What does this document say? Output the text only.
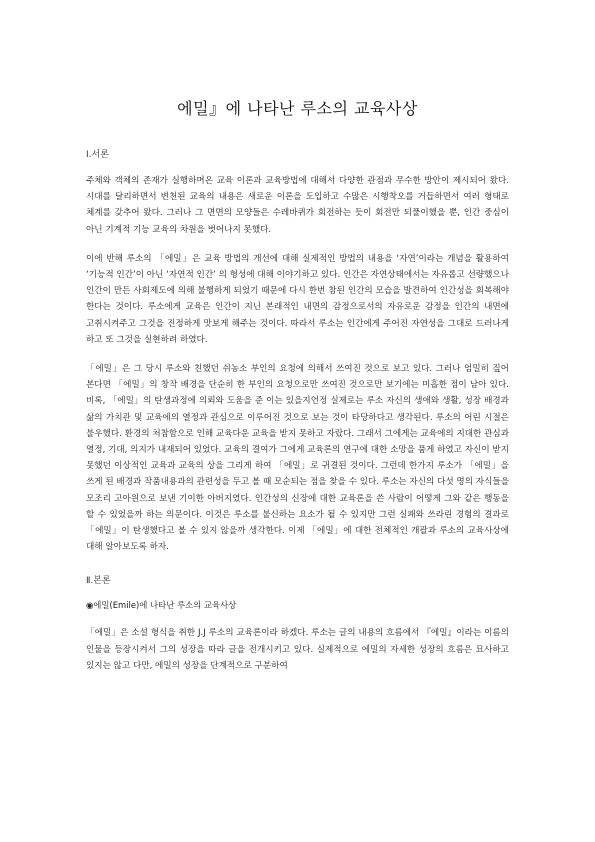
에밀』에 나타난 루소의 교육사상
Ⅰ.서론

주체와 객체의 존재가 실행하며온 교육 이론과 교육방법에 대해서 다양한 관점과 무수한 방안이 제시되어 왔다. 시대를 달리하면서 변천된 교육의 내용은 새로운 이론을 도입하고 수많은 시행착오를 거듭하면서 여러 형태로 체계를 갖추어 왔다. 그러나 그 면면의 모양들은 수레바퀴가 회전하는 듯이 회전만 되풀이했을 뿐, 인간 중심이 아닌 기계적 기능 교육의 차원을 벗어나지 못했다.

이에 반해 루소의 「에밀」은 교육 방법의 개선에 대해 실제적인 방법의 내용을 ‘자연’이라는 개념을 활용하여 ‘기능적 인간’이 아닌 ‘자연적 인간’ 의 형성에 대해 이야기하고 있다. 인간은 자연상태에서는 자유롭고 선량했으나 인간이 만든 사회제도에 의해 불행하게 되었기 때문에 다시 한번 참된 인간의 모습을 발견하여 인간성을 회복해야 한다는 것이다. 루소에게 교육은 인간이 지닌 본래적인 내면의 감정으로서의 자유로운 감정을 인간의 내면에 고취시켜주고 그것을 진정하게 맛보게 해주는 것이다. 따라서 루소는 인간에게 주어진 자연성을 그대로 드러나게 하고 또 그것을 실현하려 하였다.

「에밀」은 그 당시 루소와 친했던 쉬농소 부인의 요청에 의해서 쓰여진 것으로 보고 있다. 그러나 엄밀히 짚어 본다면 「에밀」의 창작 배경을 단순히 한 부인의 요청으로만 쓰여진 것으로만 보기에는 미흡한 점이 남아 있다. 비록, 「에밀」의 탄생과정에 의뢰와 도움을 준 이는 있을지언정 실제로는 루소 자신의 생애와 생활, 성장 배경과 삶의 가치관 및 교육에의 열정과 관심으로 이루어진 것으로 보는 것이 타당하다고 생각된다. 루소의 어린 시절은 불우했다. 환경의 처참함으로 인해 교육다운 교육을 받지 못하고 자랐다. 그래서 그에게는 교육에의 지대한 관심과 열정, 기대, 의지가 내재되어 있었다. 교육의 결여가 그에게 교육론의 연구에 대한 소망을 품게 하였고 자신이 받지 못했던 이상적인 교육과 교육의 상을 그리게 하여 「에밀」로 귀결된 것이다. 그런데 한가지 루소가 「에밀」을 쓰게 된 배경과 작품내용과의 관련성을 두고 볼 때 모순되는 점을 찾을 수 있다. 루소는 자신의 다섯 명의 자식들을 모조리 고아원으로 보낸 기이한 아버지였다. 인간성의 신장에 대한 교육론을 쓴 사람이 어떻게 그와 같은 행동을 할 수 있었을까 하는 의문이다. 이것은 루소를 불신하는 요소가 될 수 있지만 그런 실패와 쓰라린 경험의 결과로 「에밀」이 탄생했다고 볼 수 있지 않을까 생각한다. 이제 「에밀」에 대한 전체적인 개괄과 루소의 교육사상에 대해 알아보도록 하자.

Ⅱ.본론
◉에밀(Emile)에 나타난 루소의 교육사상

「에밀」은 소설 형식을 취한 J.J 루소의 교육론이라 하겠다. 루소는 글의 내용의 흐름에서 『에밀』이라는 이름의 인물을 등장시켜서 그의 성장을 따라 글을 전개시키고 있다. 실제적으로 에밀의 자세한 성장의 흐름은 묘사하고 있지는 않고 다만, 에밀의 성장을 단계적으로 구분하여
